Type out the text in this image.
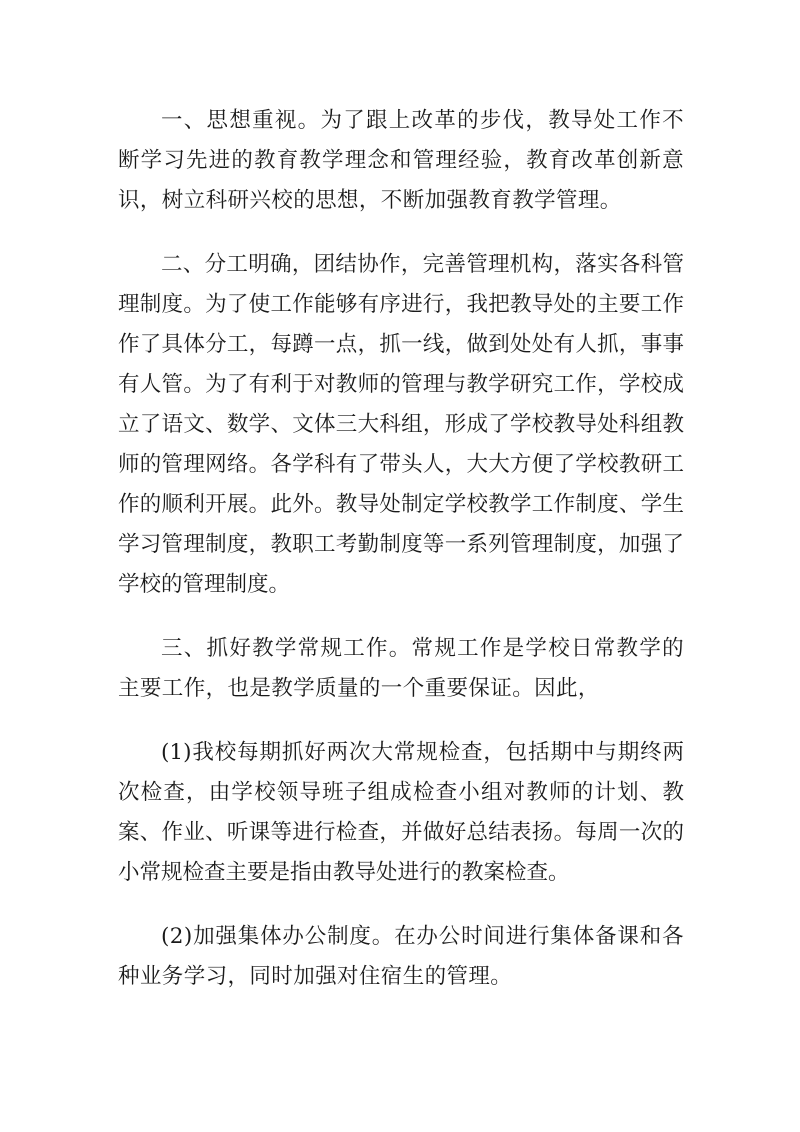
一、思想重视。为了跟上改革的步伐，教导处工作不断学习先进的教育教学理念和管理经验，教育改革创新意识，树立科研兴校的思想，不断加强教育教学管理。

二、分工明确，团结协作，完善管理机构，落实各科管理制度。为了使工作能够有序进行，我把教导处的主要工作作了具体分工，每蹲一点，抓一线，做到处处有人抓，事事有人管。为了有利于对教师的管理与教学研究工作，学校成立了语文、数学、文体三大科组，形成了学校教导处科组教师的管理网络。各学科有了带头人，大大方便了学校教研工作的顺利开展。此外。教导处制定学校教学工作制度、学生学习管理制度，教职工考勤制度等一系列管理制度，加强了学校的管理制度。

三、抓好教学常规工作。常规工作是学校日常教学的主要工作，也是教学质量的一个重要保证。因此，

(1)我校每期抓好两次大常规检查，包括期中与期终两次检查，由学校领导班子组成检查小组对教师的计划、教案、作业、听课等进行检查，并做好总结表扬。每周一次的小常规检查主要是指由教导处进行的教案检查。

(2)加强集体办公制度。在办公时间进行集体备课和各种业务学习，同时加强对住宿生的管理。
